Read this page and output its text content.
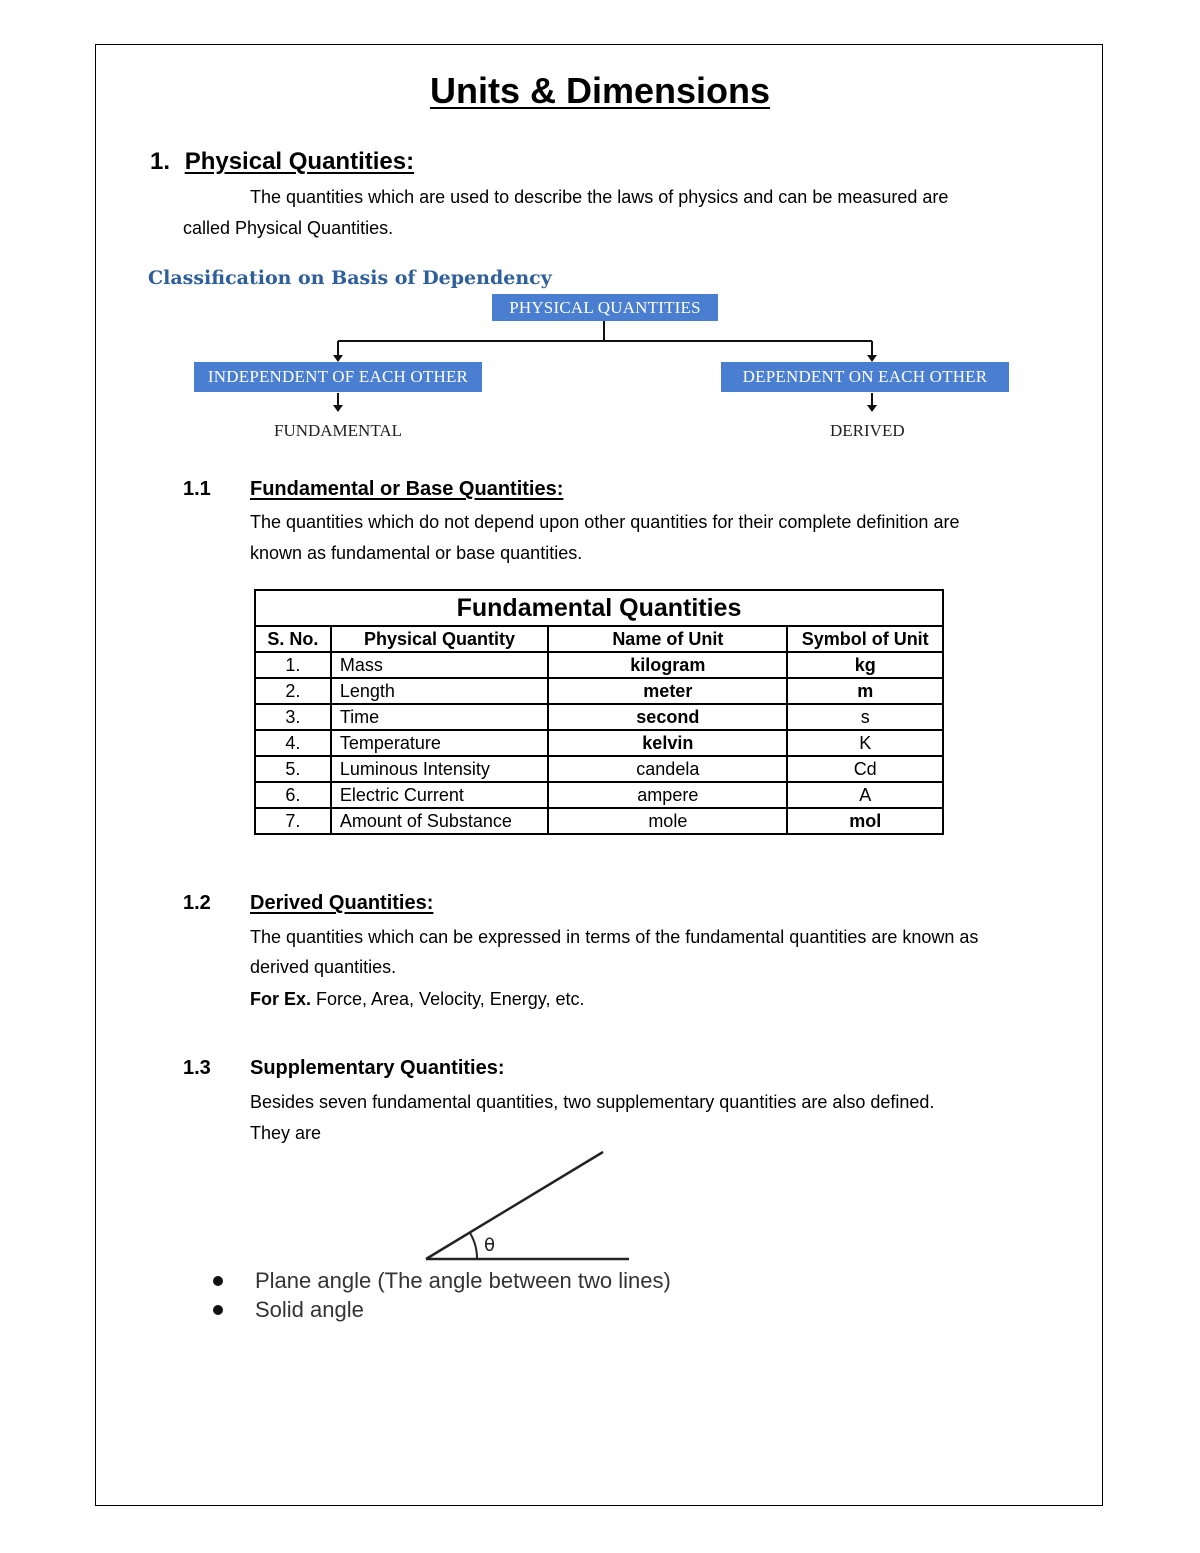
Units & Dimensions
1. Physical Quantities:
The quantities which are used to describe the laws of physics and can be measured are
called Physical Quantities.
Classification on Basis of Dependency
PHYSICAL QUANTITIES
INDEPENDENT OF EACH OTHER	DEPENDENT ON EACH OTHER
FUNDAMENTAL	DERIVED
1.1 Fundamental or Base Quantities:
The quantities which do not depend upon other quantities for their complete definition are
known as fundamental or base quantities.
Fundamental Quantities			
S. No.	Physical Quantity	Name of Unit	Symbol of Unit
1.	Mass	kilogram	kg
2.	Length	meter	m
3.	Time	second	s
4.	Temperature	kelvin	K
5.	Luminous Intensity	candela	Cd
6.	Electric Current	ampere	A
7.	Amount of Substance	mole	mol
1.2 Derived Quantities:
The quantities which can be expressed in terms of the fundamental quantities are known as
derived quantities.
For Ex. Force, Area, Velocity, Energy, etc.
1.3 Supplementary Quantities:
Besides seven fundamental quantities, two supplementary quantities are also defined.
They are
θ
Plane angle (The angle between two lines)
Solid angle
